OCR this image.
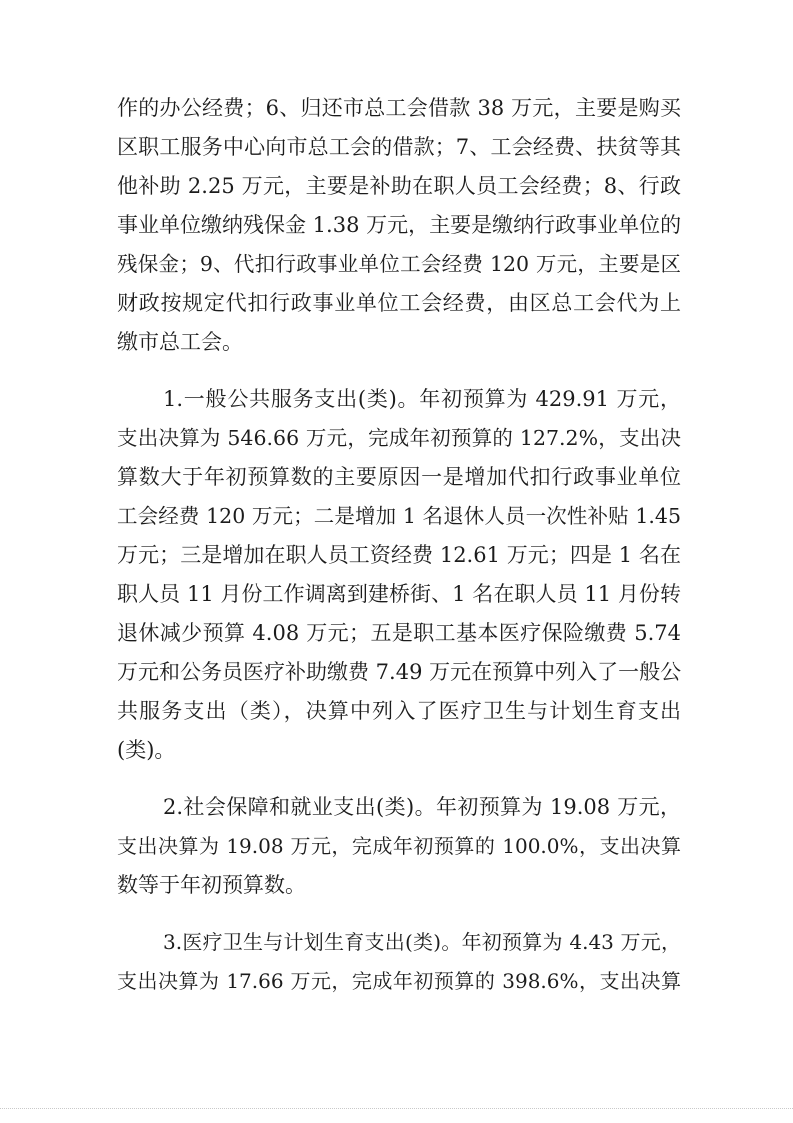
作的办公经费；6、归还市总工会借款 38 万元，主要是购买
区职工服务中心向市总工会的借款；7、工会经费、扶贫等其
他补助 2.25 万元，主要是补助在职人员工会经费；8、行政
事业单位缴纳残保金 1.38 万元，主要是缴纳行政事业单位的
残保金；9、代扣行政事业单位工会经费 120 万元，主要是区
财政按规定代扣行政事业单位工会经费，由区总工会代为上
缴市总工会。
1.一般公共服务支出(类)。年初预算为 429.91 万元，
支出决算为 546.66 万元，完成年初预算的 127.2%，支出决
算数大于年初预算数的主要原因一是增加代扣行政事业单位
工会经费 120 万元；二是增加 1 名退休人员一次性补贴 1.45
万元；三是增加在职人员工资经费 12.61 万元；四是 1 名在
职人员 11 月份工作调离到建桥街、1 名在职人员 11 月份转
退休减少预算 4.08 万元；五是职工基本医疗保险缴费 5.74
万元和公务员医疗补助缴费 7.49 万元在预算中列入了一般公
共服务支出（类），决算中列入了医疗卫生与计划生育支出
(类)。
2.社会保障和就业支出(类)。年初预算为 19.08 万元，
支出决算为 19.08 万元，完成年初预算的 100.0%，支出决算
数等于年初预算数。
3.医疗卫生与计划生育支出(类)。年初预算为 4.43 万元，
支出决算为 17.66 万元，完成年初预算的 398.6%，支出决算
